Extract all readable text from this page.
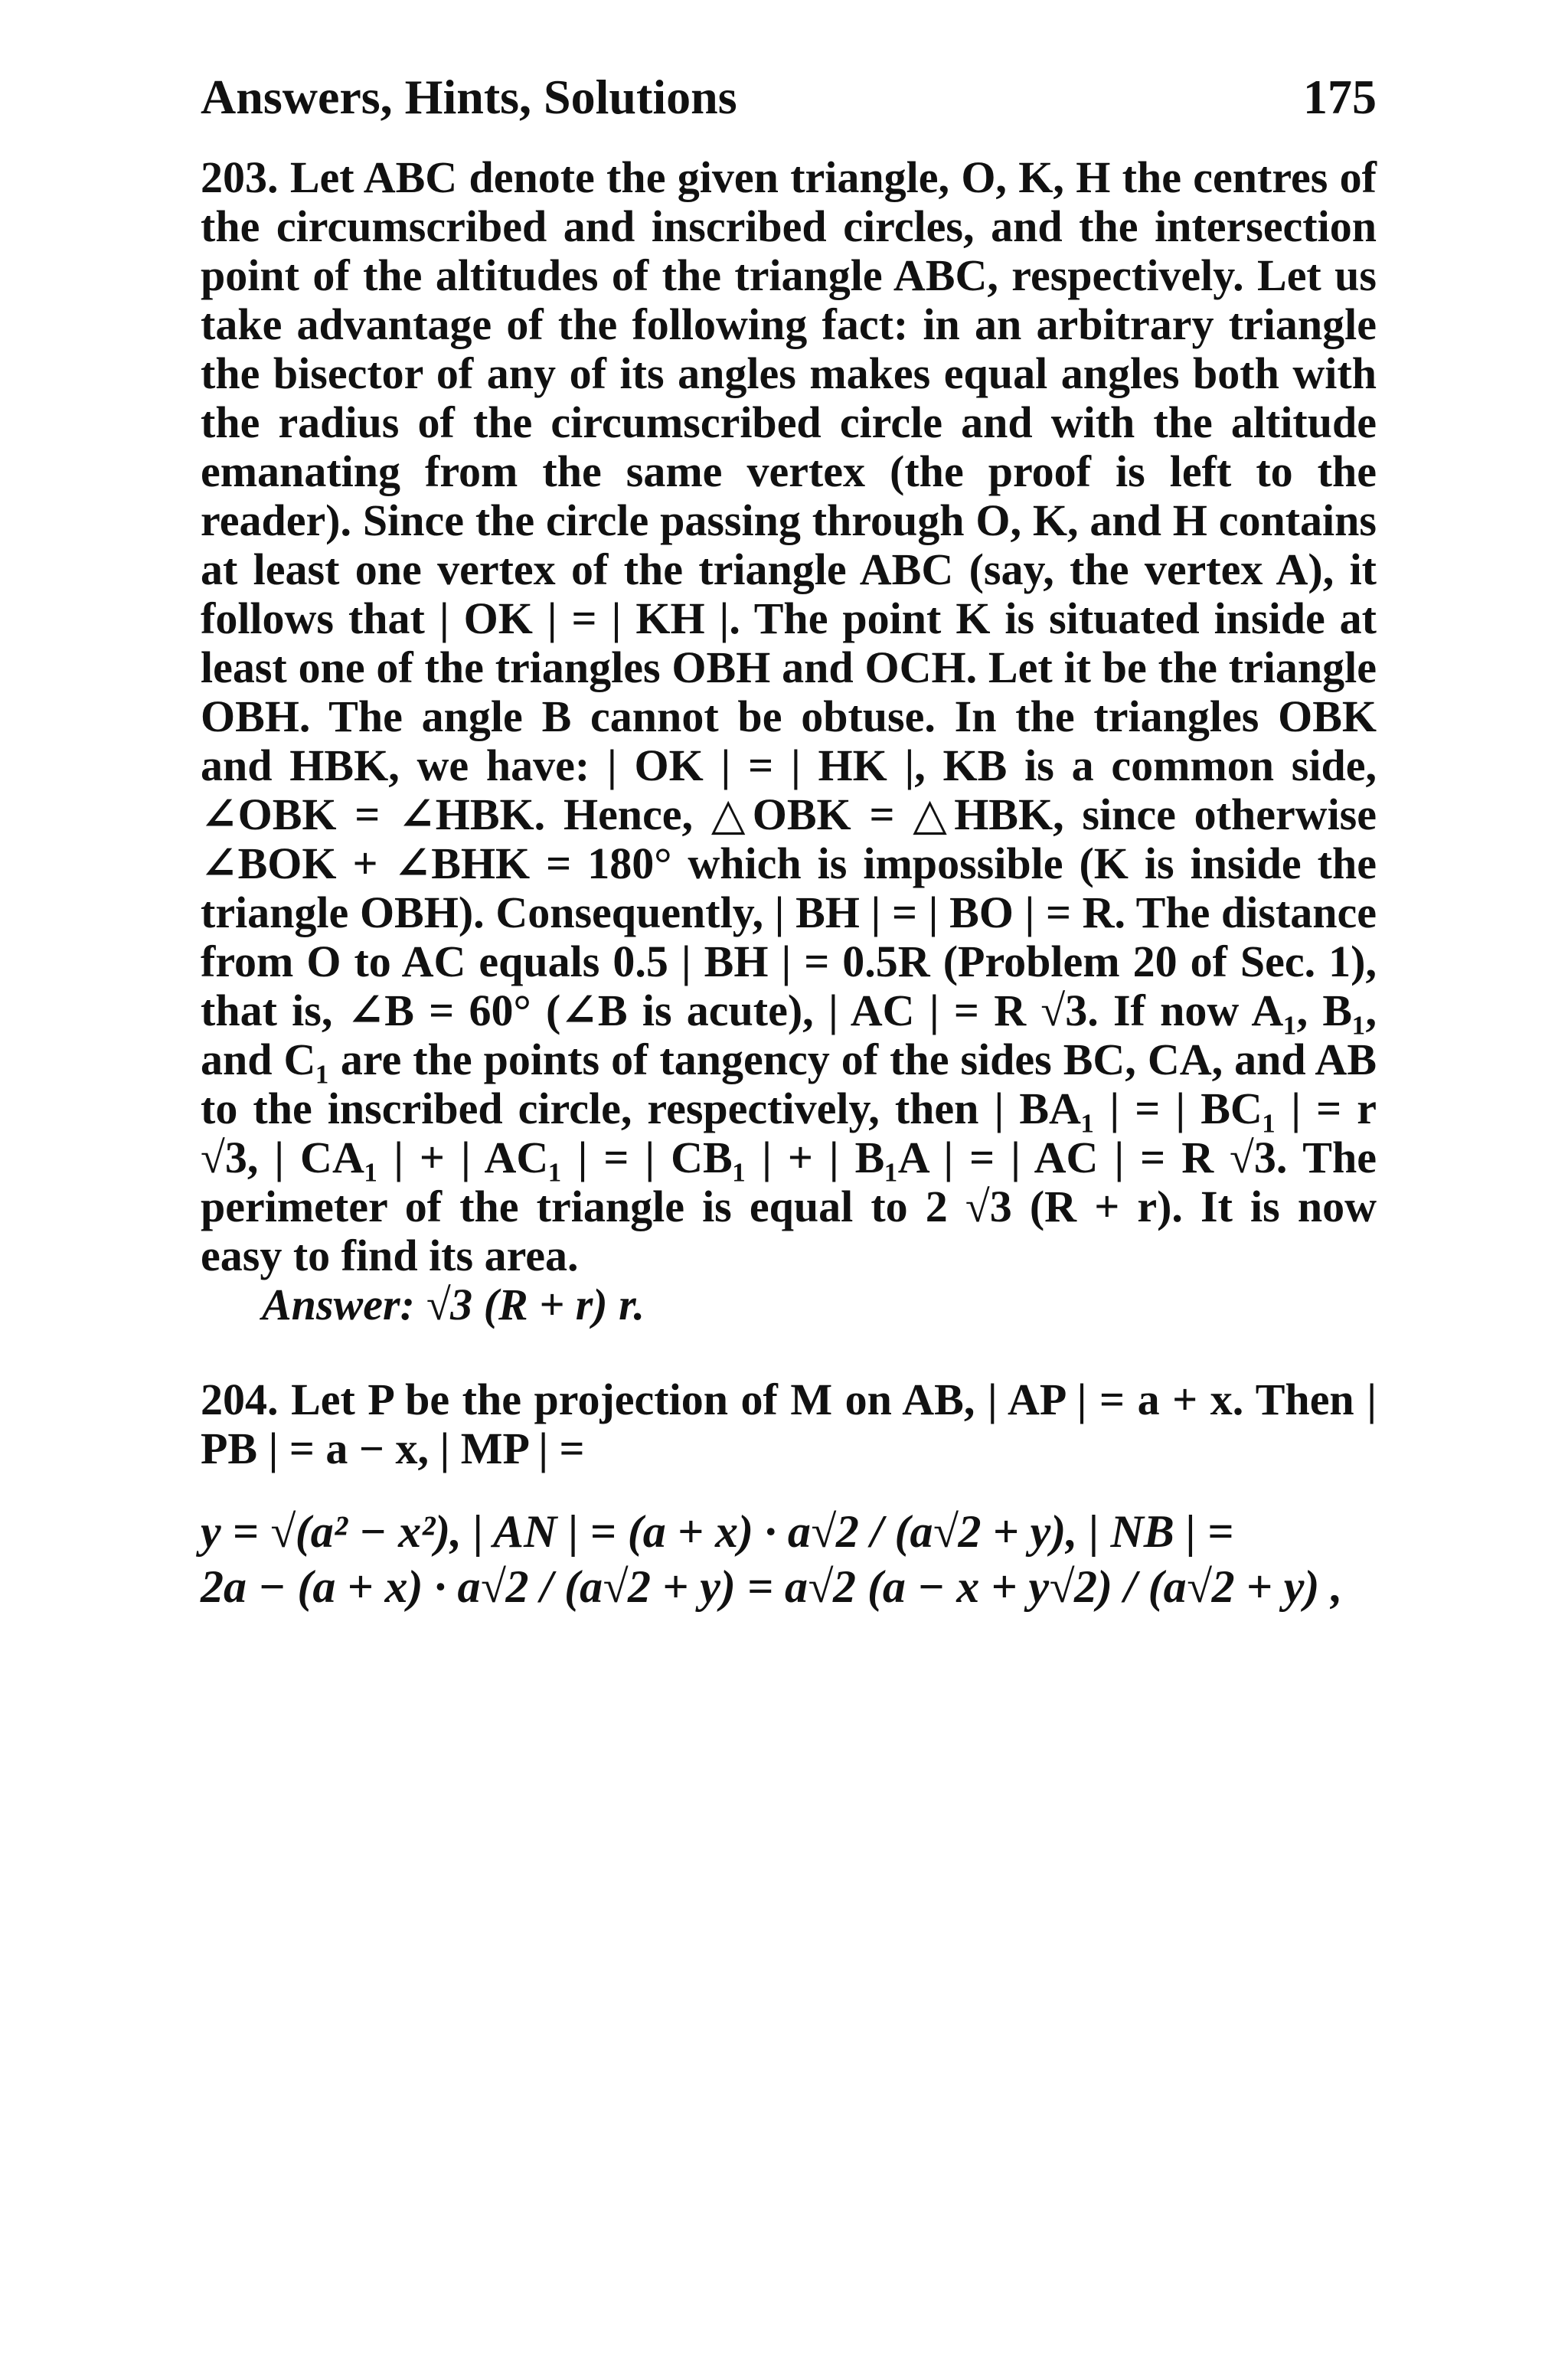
Answers, Hints, Solutions	175

203. Let ABC denote the given triangle, O, K, H the centres of the circumscribed and inscribed circles, and the intersection point of the altitudes of the triangle ABC, respectively. Let us take advantage of the following fact: in an arbitrary triangle the bisector of any of its angles makes equal angles both with the radius of the circumscribed circle and with the altitude emanating from the same vertex (the proof is left to the reader). Since the circle passing through O, K, and H contains at least one vertex of the triangle ABC (say, the vertex A), it follows that | OK | = | KH |. The point K is situated inside at least one of the triangles OBH and OCH. Let it be the triangle OBH. The angle B cannot be obtuse. In the triangles OBK and HBK, we have: | OK | = | HK |, KB is a common side, ∠OBK = ∠HBK. Hence, △OBK = △HBK, since otherwise ∠BOK + ∠BHK = 180° which is impossible (K is inside the triangle OBH). Consequently, | BH | = | BO | = R. The distance from O to AC equals 0.5 | BH | = 0.5R (Problem 20 of Sec. 1), that is, ∠B = 60° (∠B is acute), | AC | = R √3. If now A₁, B₁, and C₁ are the points of tangency of the sides BC, CA, and AB to the inscribed circle, respectively, then | BA₁ | = | BC₁ | = r √3, | CA₁ | + | AC₁ | = | CB₁ | + | B₁A | = | AC | = R √3. The perimeter of the triangle is equal to 2 √3 (R + r). It is now easy to find its area.

Answer: √3 (R + r) r.

204. Let P be the projection of M on AB, | AP | = a + x. Then | PB | = a − x, | MP | =

y = √(a² − x²), | AN | = (a + x) · a√2 / (a√2 + y), | NB | =
2a − (a + x) · a√2 / (a√2 + y) = a√2 (a − x + y√2) / (a√2 + y) ,
